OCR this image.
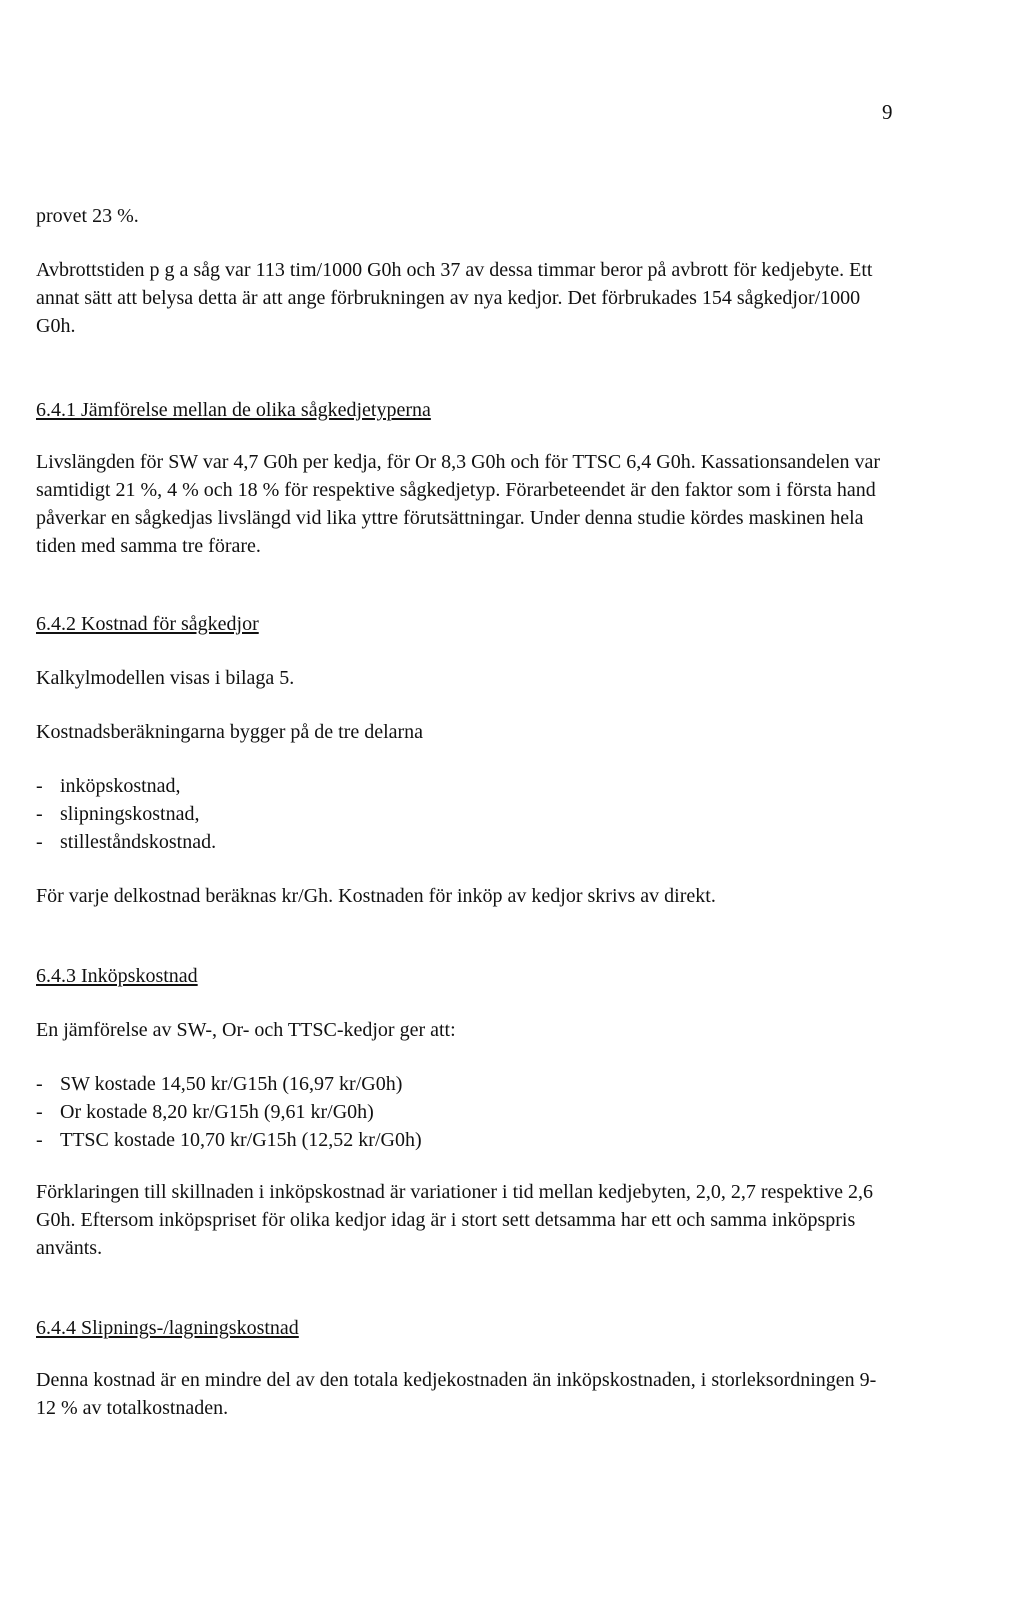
9
provet 23 %.
Avbrottstiden p g a såg var 113 tim/1000 G0h och 37 av dessa timmar beror på avbrott för kedjebyte. Ett annat sätt att belysa detta är att ange förbrukningen av nya kedjor. Det förbrukades 154 sågkedjor/1000 G0h.
6.4.1 Jämförelse mellan de olika sågkedjetyperna
Livslängden för SW var 4,7 G0h per kedja, för Or 8,3 G0h och för TTSC 6,4 G0h. Kassationsandelen var samtidigt 21 %, 4 % och 18 % för respektive sågkedjetyp. Förarbeteendet är den faktor som i första hand påverkar en sågkedjas livslängd vid lika yttre förutsättningar. Under denna studie kördes maskinen hela tiden med samma tre förare.
6.4.2 Kostnad för sågkedjor
Kalkylmodellen visas i bilaga 5.
Kostnadsberäkningarna bygger på de tre delarna
- inköpskostnad,
- slipningskostnad,
- stilleståndskostnad.
För varje delkostnad beräknas kr/Gh. Kostnaden för inköp av kedjor skrivs av direkt.
6.4.3 Inköpskostnad
En jämförelse av SW-, Or- och TTSC-kedjor ger att:
- SW kostade 14,50 kr/G15h (16,97 kr/G0h)
- Or kostade 8,20 kr/G15h (9,61 kr/G0h)
- TTSC kostade 10,70 kr/G15h (12,52 kr/G0h)
Förklaringen till skillnaden i inköpskostnad är variationer i tid mellan kedjebyten, 2,0, 2,7 respektive 2,6 G0h. Eftersom inköpspriset för olika kedjor idag är i stort sett detsamma har ett och samma inköpspris använts.
6.4.4 Slipnings-/lagningskostnad
Denna kostnad är en mindre del av den totala kedjekostnaden än inköpskostnaden, i storleksordningen 9-12 % av totalkostnaden.
